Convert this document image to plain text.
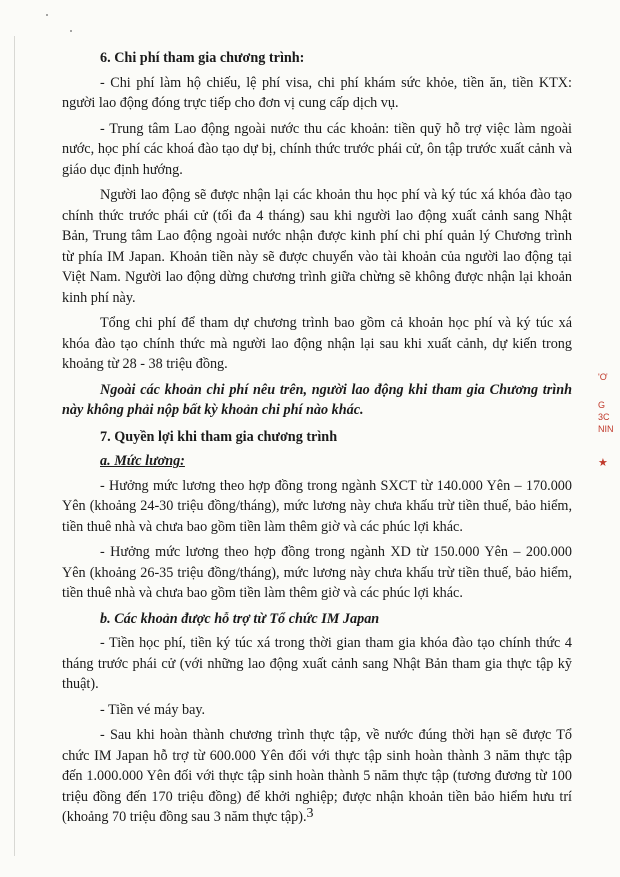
6. Chi phí tham gia chương trình:

- Chi phí làm hộ chiếu, lệ phí visa, chi phí khám sức khỏe, tiền ăn, tiền KTX: người lao động đóng trực tiếp cho đơn vị cung cấp dịch vụ.

- Trung tâm Lao động ngoài nước thu các khoản: tiền quỹ hỗ trợ việc làm ngoài nước, học phí các khoá đào tạo dự bị, chính thức trước phái cử, ôn tập trước xuất cảnh và giáo dục định hướng.

Người lao động sẽ được nhận lại các khoản thu học phí và ký túc xá khóa đào tạo chính thức trước phái cử (tối đa 4 tháng) sau khi người lao động xuất cảnh sang Nhật Bản, Trung tâm Lao động ngoài nước nhận được kinh phí chi phí quản lý Chương trình từ phía IM Japan. Khoản tiền này sẽ được chuyển vào tài khoản của người lao động tại Việt Nam. Người lao động dừng chương trình giữa chừng sẽ không được nhận lại khoản kinh phí này.

Tổng chi phí để tham dự chương trình bao gồm cả khoản học phí và ký túc xá khóa đào tạo chính thức mà người lao động nhận lại sau khi xuất cảnh, dự kiến trong khoảng từ 28 - 38 triệu đồng.

Ngoài các khoản chi phí nêu trên, người lao động khi tham gia Chương trình này không phải nộp bất kỳ khoản chi phí nào khác.

7. Quyền lợi khi tham gia chương trình
a. Mức lương:

- Hưởng mức lương theo hợp đồng trong ngành SXCT từ 140.000 Yên – 170.000 Yên (khoảng 24-30 triệu đồng/tháng), mức lương này chưa khấu trừ tiền thuế, bảo hiểm, tiền thuê nhà và chưa bao gồm tiền làm thêm giờ và các phúc lợi khác.

- Hưởng mức lương theo hợp đồng trong ngành XD từ 150.000 Yên – 200.000 Yên (khoảng 26-35 triệu đồng/tháng), mức lương này chưa khấu trừ tiền thuế, bảo hiểm, tiền thuê nhà và chưa bao gồm tiền làm thêm giờ và các phúc lợi khác.

b. Các khoản được hỗ trợ từ Tổ chức IM Japan

- Tiền học phí, tiền ký túc xá trong thời gian tham gia khóa đào tạo chính thức 4 tháng trước phái cử (với những lao động xuất cảnh sang Nhật Bản tham gia thực tập kỹ thuật).

- Tiền vé máy bay.

- Sau khi hoàn thành chương trình thực tập, về nước đúng thời hạn sẽ được Tổ chức IM Japan hỗ trợ từ 600.000 Yên đối với thực tập sinh hoàn thành 3 năm thực tập đến 1.000.000 Yên đối với thực tập sinh hoàn thành 5 năm thực tập (tương đương từ 100 triệu đồng đến 170 triệu đồng) để khởi nghiệp; được nhận khoản tiền bảo hiểm hưu trí (khoảng 70 triệu đồng sau 3 năm thực tập).

'Ơ
G
3C
NIN
★
3
